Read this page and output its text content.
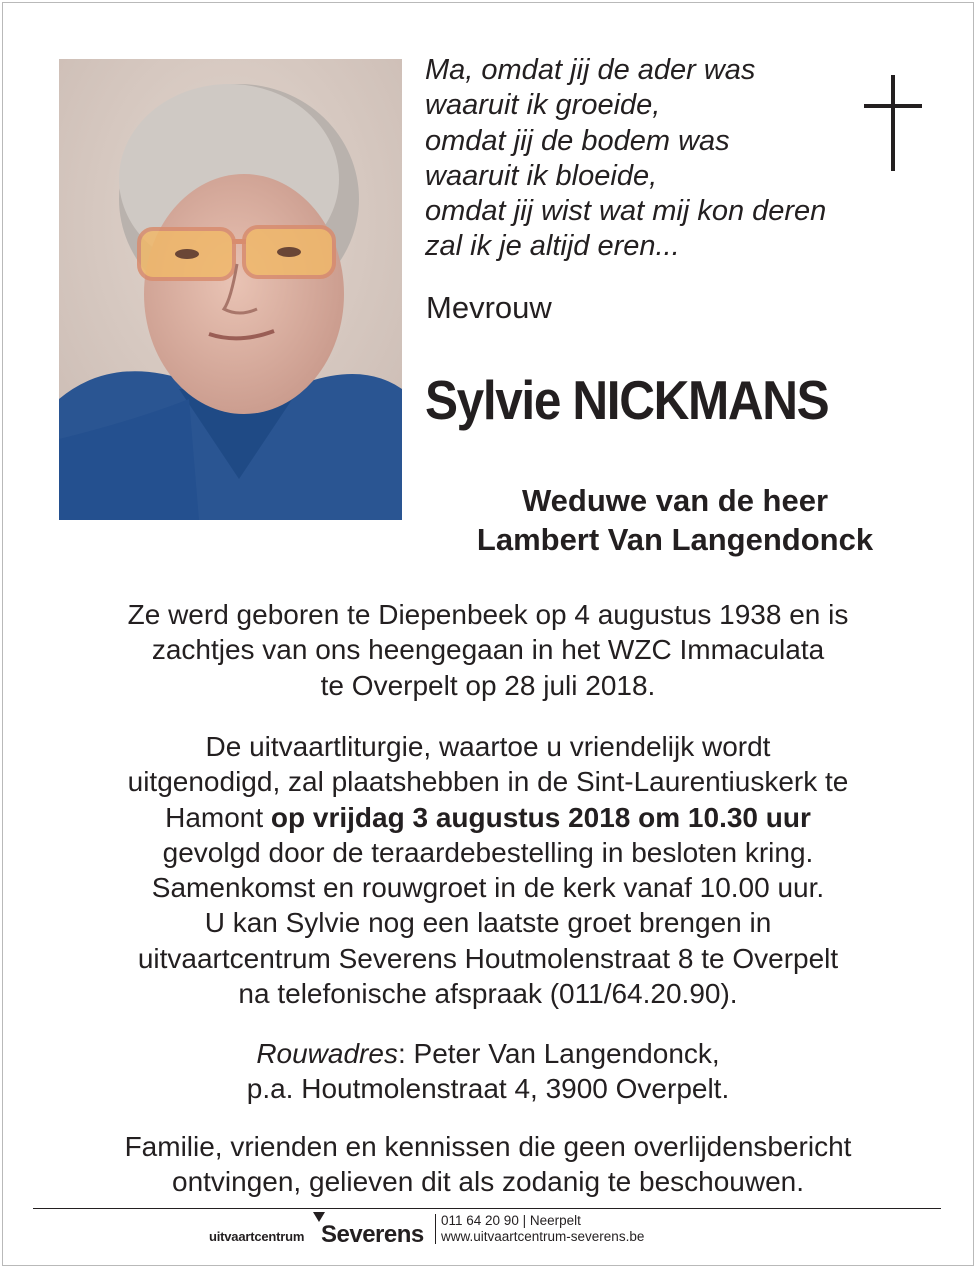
Ma, omdat jij de ader was
waaruit ik groeide,
omdat jij de bodem was
waaruit ik bloeide,
omdat jij wist wat mij kon deren
zal ik je altijd eren...
Mevrouw
Sylvie NICKMANS
Weduwe van de heer
Lambert Van Langendonck
Ze werd geboren te Diepenbeek op 4 augustus 1938 en is
zachtjes van ons heengegaan in het WZC Immaculata
te Overpelt op 28 juli 2018.
De uitvaartliturgie, waartoe u vriendelijk wordt
uitgenodigd, zal plaatshebben in de Sint-Laurentiuskerk te
Hamont op vrijdag 3 augustus 2018 om 10.30 uur
gevolgd door de teraardebestelling in besloten kring.
Samenkomst en rouwgroet in de kerk vanaf 10.00 uur.
U kan Sylvie nog een laatste groet brengen in
uitvaartcentrum Severens Houtmolenstraat 8 te Overpelt
na telefonische afspraak (011/64.20.90).
Rouwadres: Peter Van Langendonck,
p.a. Houtmolenstraat 4, 3900 Overpelt.
Familie, vrienden en kennissen die geen overlijdensbericht
ontvingen, gelieven dit als zodanig te beschouwen.
uitvaartcentrum Severens
011 64 20 90 | Neerpelt
www.uitvaartcentrum-severens.be
